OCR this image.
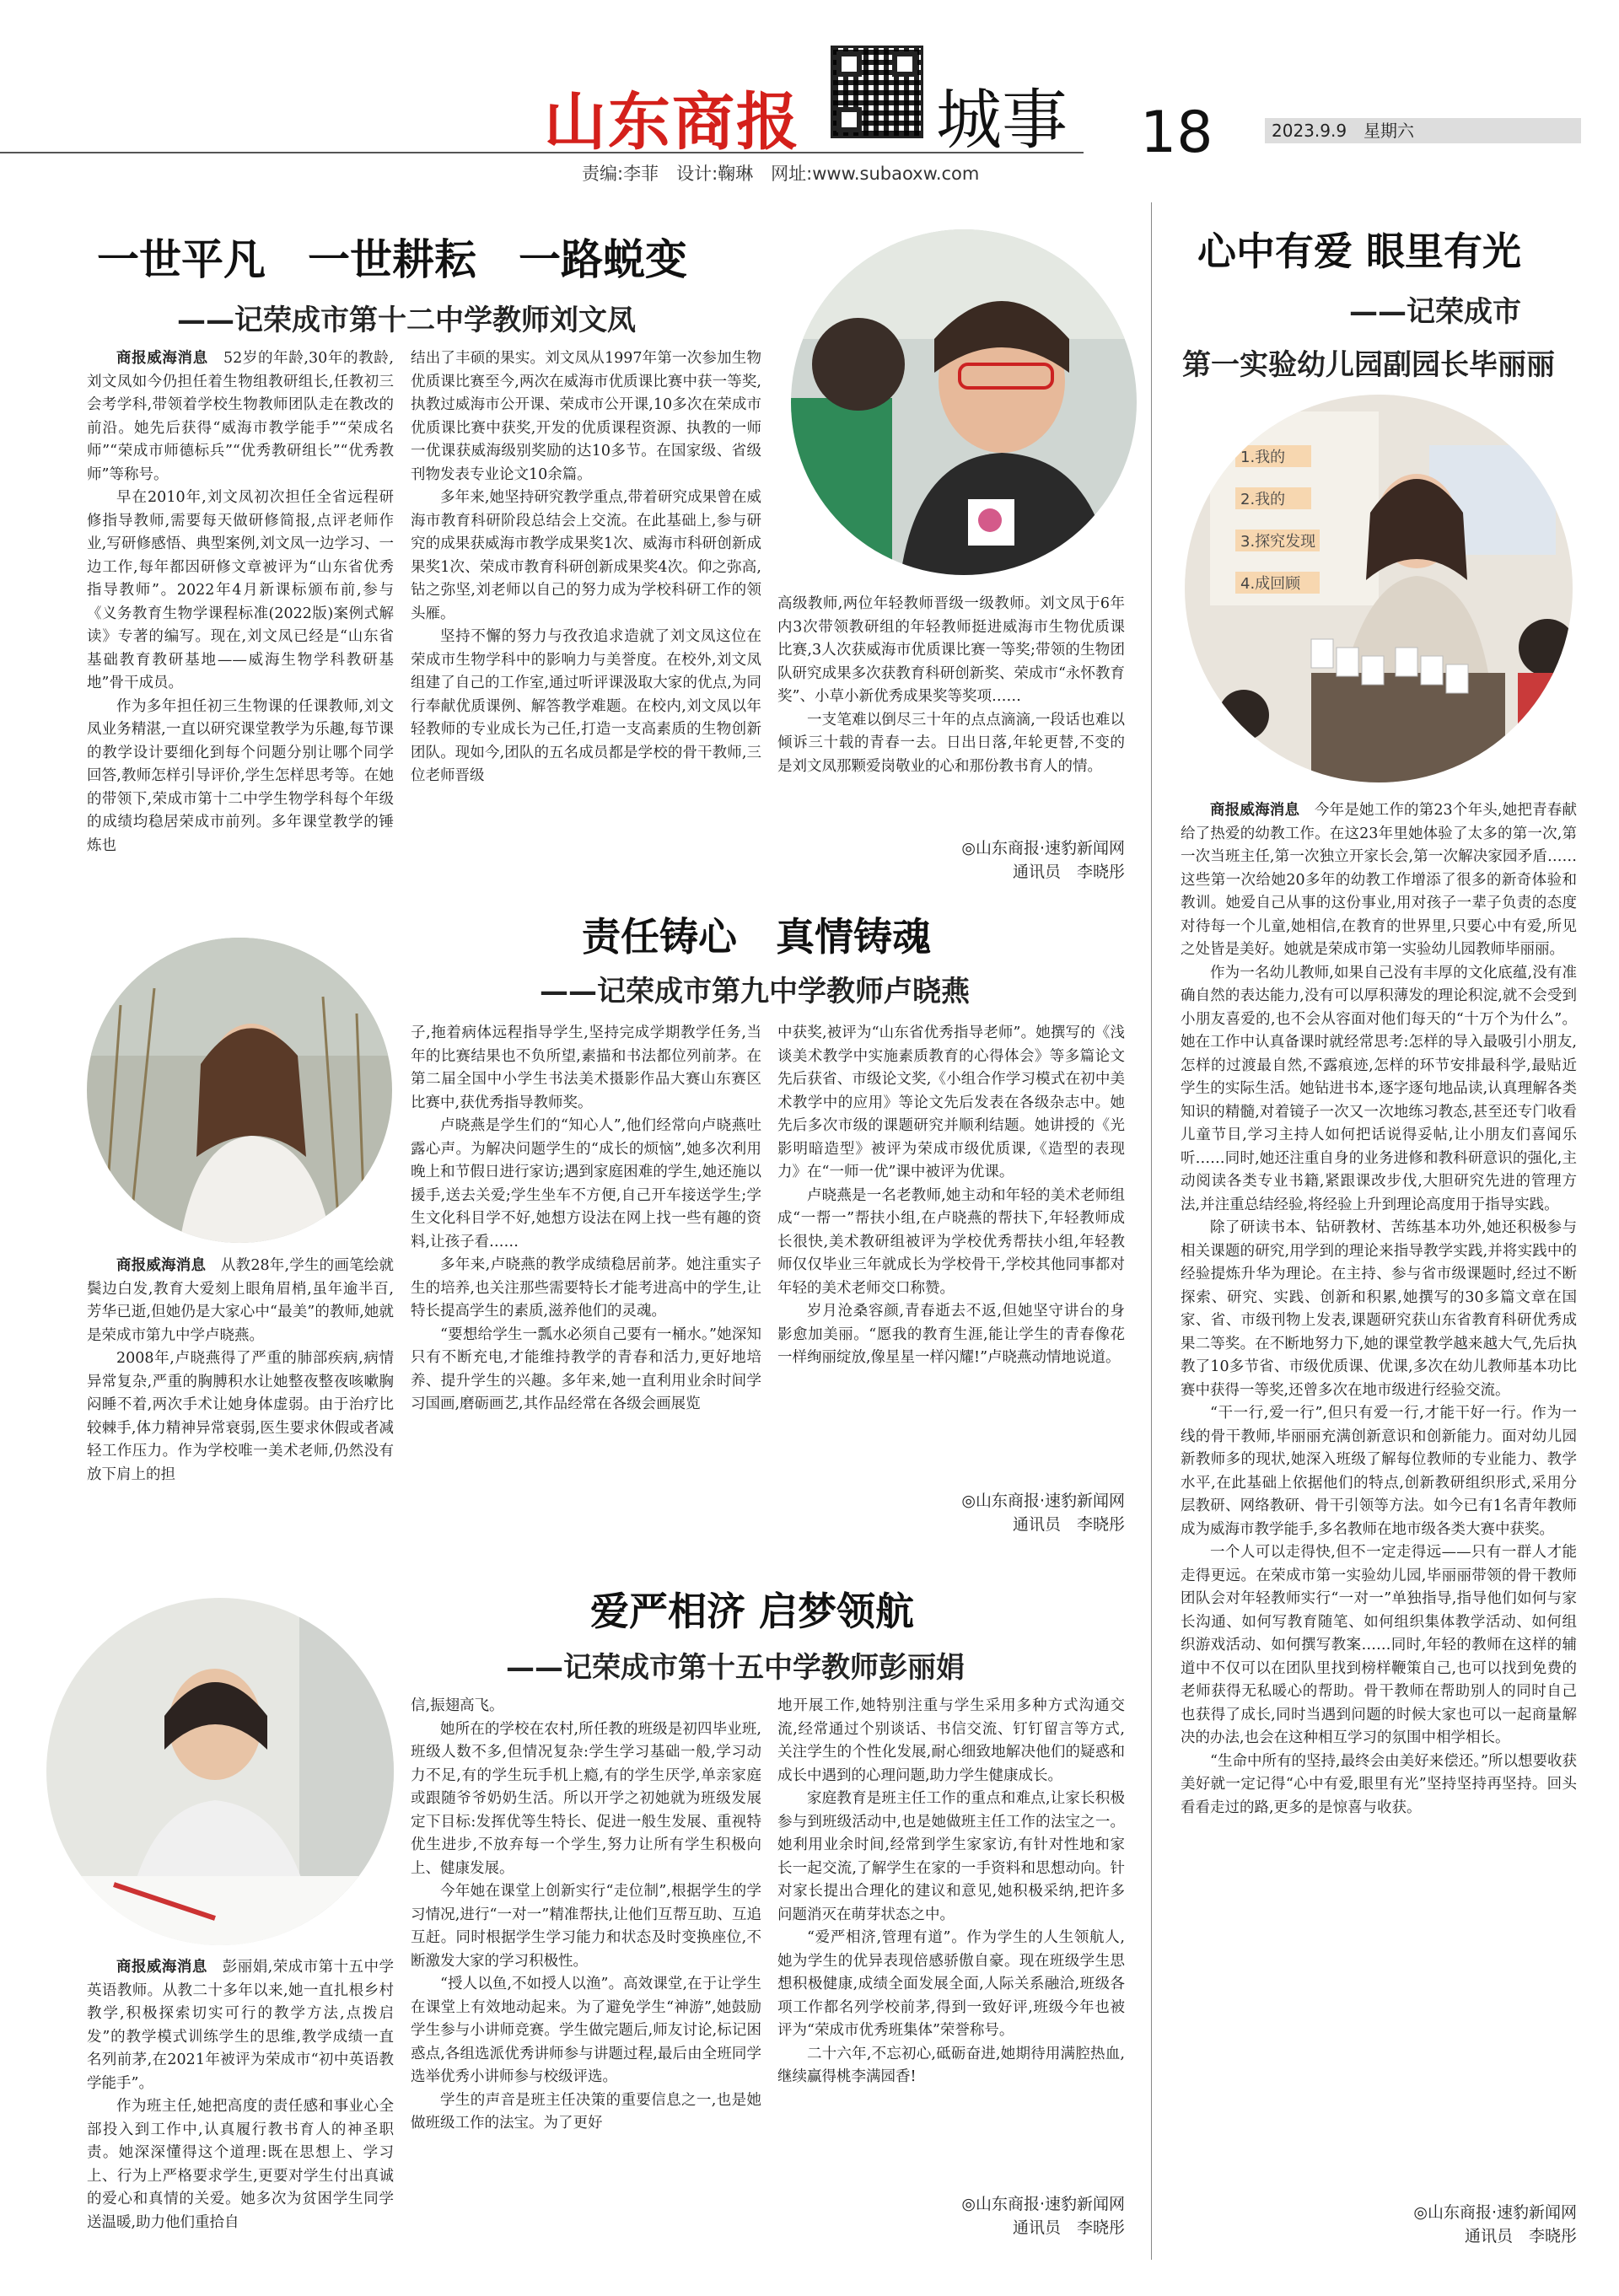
山东商报 城事 18	2023.9.9　 星期六
责编:李菲　设计:鞠琳　网址:www.subaoxw.com
一世平凡　一世耕耘　一路蜕变
——记荣成市第十二中学教师刘文凤

商报威海消息　 52岁的年龄,30年的教龄,刘文凤如今仍担任着生物组教研组长,任教初三会考学科,带领着学校生物教师团队走在教改的前沿。她先后获得“威海市教学能手”“荣成名师”“荣成市师德标兵”“优秀教研组长”“优秀教师”等称号。

早在2010年,刘文凤初次担任全省远程研修指导教师,需要每天做研修简报,点评老师作业,写研修感悟、典型案例,刘文凤一边学习、一边工作,每年都因研修文章被评为“山东省优秀指导教师”。2022年4月新课标颁布前,参与《义务教育生物学课程标准(2022版)案例式解读》专著的编写。现在,刘文凤已经是“山东省基础教育教研基地——威海生物学科教研基地”骨干成员。

作为多年担任初三生物课的任课教师,刘文凤业务精湛,一直以研究课堂教学为乐趣,每节课的教学设计要细化到每个问题分别让哪个同学回答,教师怎样引导评价,学生怎样思考等。在她的带领下,荣成市第十二中学生物学科每个年级的成绩均稳居荣成市前列。多年课堂教学的锤炼也

结出了丰硕的果实。刘文凤从1997年第一次参加生物优质课比赛至今,两次在威海市优质课比赛中获一等奖,执教过威海市公开课、荣成市公开课,10多次在荣成市优质课比赛中获奖,开发的优质课程资源、执教的一师一优课获威海级别奖励的达10多节。在国家级、省级刊物发表专业论文10余篇。

多年来,她坚持研究教学重点,带着研究成果曾在威海市教育科研阶段总结会上交流。在此基础上,参与研究的成果获威海市教学成果奖1次、威海市科研创新成果奖1次、荣成市教育科研创新成果奖4次。仰之弥高,钻之弥坚,刘老师以自己的努力成为学校科研工作的领头雁。

坚持不懈的努力与孜孜追求造就了刘文凤这位在荣成市生物学科中的影响力与美誉度。在校外,刘文凤组建了自己的工作室,通过听评课汲取大家的优点,为同行奉献优质课例、解答教学难题。在校内,刘文凤以年轻教师的专业成长为己任,打造一支高素质的生物创新团队。现如今,团队的五名成员都是学校的骨干教师,三位老师晋级

高级教师,两位年轻教师晋级一级教师。刘文凤于6年内3次带领教研组的年轻教师挺进威海市生物优质课比赛,3人次获威海市优质课比赛一等奖;带领的生物团队研究成果多次获教育科研创新奖、荣成市“永怀教育奖”、小草小新优秀成果奖等奖项……

一支笔难以倒尽三十年的点点滴滴,一段话也难以倾诉三十载的青春一去。日出日落,年轮更替,不变的是刘文凤那颗爱岗敬业的心和那份教书育人的情。

◎山东商报·速豹新闻网
通讯员　李晓彤
心中有爱 眼里有光
——记荣成市
第一实验幼儿园副园长毕丽丽
1.我的
2.我的
3.探究发现
4.成回顾

商报威海消息　 今年是她工作的第23个年头,她把青春献给了热爱的幼教工作。在这23年里她体验了太多的第一次,第一次当班主任,第一次独立开家长会,第一次解决家园矛盾……这些第一次给她20多年的幼教工作增添了很多的新奇体验和教训。她爱自己从事的这份事业,用对孩子一辈子负责的态度对待每一个儿童,她相信,在教育的世界里,只要心中有爱,所见之处皆是美好。她就是荣成市第一实验幼儿园教师毕丽丽。

作为一名幼儿教师,如果自己没有丰厚的文化底蕴,没有准确自然的表达能力,没有可以厚积薄发的理论积淀,就不会受到小朋友喜爱的,也不会从容面对他们每天的“十万个为什么”。她在工作中认真备课时就经常思考:怎样的导入最吸引小朋友,怎样的过渡最自然,不露痕迹,怎样的环节安排最科学,最贴近学生的实际生活。她钻进书本,逐字逐句地品读,认真理解各类知识的精髓,对着镜子一次又一次地练习教态,甚至还专门收看儿童节目,学习主持人如何把话说得妥帖,让小朋友们喜闻乐听……同时,她还注重自身的业务进修和教科研意识的强化,主动阅读各类专业书籍,紧跟课改步伐,大胆研究先进的管理方法,并注重总结经验,将经验上升到理论高度用于指导实践。

除了研读书本、钻研教材、苦练基本功外,她还积极参与相关课题的研究,用学到的理论来指导教学实践,并将实践中的经验提炼升华为理论。在主持、参与省市级课题时,经过不断探索、研究、实践、创新和积累,她撰写的30多篇文章在国家、省、市级刊物上发表,课题研究获山东省教育科研优秀成果二等奖。在不断地努力下,她的课堂教学越来越大气,先后执教了10多节省、市级优质课、优课,多次在幼儿教师基本功比赛中获得一等奖,还曾多次在地市级进行经验交流。

“干一行,爱一行”,但只有爱一行,才能干好一行。作为一线的骨干教师,毕丽丽充满创新意识和创新能力。面对幼儿园新教师多的现状,她深入班级了解每位教师的专业能力、教学水平,在此基础上依据他们的特点,创新教研组织形式,采用分层教研、网络教研、骨干引领等方法。如今已有1名青年教师成为威海市教学能手,多名教师在地市级各类大赛中获奖。

一个人可以走得快,但不一定走得远——只有一群人才能走得更远。在荣成市第一实验幼儿园,毕丽丽带领的骨干教师团队会对年轻教师实行“一对一”单独指导,指导他们如何与家长沟通、如何写教育随笔、如何组织集体教学活动、如何组织游戏活动、如何撰写教案……同时,年轻的教师在这样的辅道中不仅可以在团队里找到榜样鞭策自己,也可以找到免费的老师获得无私暖心的帮助。骨干教师在帮助别人的同时自己也获得了成长,同时当遇到问题的时候大家也可以一起商量解决的办法,也会在这种相互学习的氛围中相学相长。

“生命中所有的坚持,最终会由美好来偿还。”所以想要收获美好就一定记得“心中有爱,眼里有光”坚持坚持再坚持。回头看看走过的路,更多的是惊喜与收获。

◎山东商报·速豹新闻网
通讯员　李晓彤
责任铸心　真情铸魂
——记荣成市第九中学教师卢晓燕

商报威海消息　 从教28年,学生的画笔绘就鬓边白发,教育大爱刻上眼角眉梢,虽年逾半百,芳华已逝,但她仍是大家心中“最美”的教师,她就是荣成市第九中学卢晓燕。

2008年,卢晓燕得了严重的肺部疾病,病情异常复杂,严重的胸膊积水让她整夜整夜咳嗽胸闷睡不着,两次手术让她身体虚弱。由于治疗比较棘手,体力精神异常衰弱,医生要求休假或者减轻工作压力。作为学校唯一美术老师,仍然没有放下肩上的担

子,拖着病体远程指导学生,坚持完成学期教学任务,当年的比赛结果也不负所望,素描和书法都位列前茅。在第二届全国中小学生书法美术摄影作品大赛山东赛区比赛中,获优秀指导教师奖。

卢晓燕是学生们的“知心人”,他们经常向卢晓燕吐露心声。为解决问题学生的“成长的烦恼”,她多次利用晚上和节假日进行家访;遇到家庭困难的学生,她还施以援手,送去关爱;学生坐车不方便,自己开车接送学生;学生文化科目学不好,她想方设法在网上找一些有趣的资料,让孩子看……

多年来,卢晓燕的教学成绩稳居前茅。她注重实子生的培养,也关注那些需要特长才能考进高中的学生,让特长提高学生的素质,滋养他们的灵魂。

“要想给学生一瓢水必须自己要有一桶水。”她深知只有不断充电,才能维持教学的青春和活力,更好地培养、提升学生的兴趣。多年来,她一直利用业余时间学习国画,磨砺画艺,其作品经常在各级会画展览

中获奖,被评为“山东省优秀指导老师”。她撰写的《浅谈美术教学中实施素质教育的心得体会》等多篇论文先后获省、市级论文奖,《小组合作学习模式在初中美术教学中的应用》等论文先后发表在各级杂志中。她先后多次市级的课题研究并顺利结题。她讲授的《光影明暗造型》被评为荣成市级优质课,《造型的表现力》在“一师一优”课中被评为优课。

卢晓燕是一名老教师,她主动和年轻的美术老师组成“一帮一”帮扶小组,在卢晓燕的帮扶下,年轻教师成长很快,美术教研组被评为学校优秀帮扶小组,年轻教师仅仅毕业三年就成长为学校骨干,学校其他同事都对年轻的美术老师交口称赞。

岁月沧桑容颜,青春逝去不返,但她坚守讲台的身影愈加美丽。“愿我的教育生涯,能让学生的青春像花一样绚丽绽放,像星星一样闪耀!”卢晓燕动情地说道。

◎山东商报·速豹新闻网
通讯员　李晓彤
爱严相济 启梦领航
——记荣成市第十五中学教师彭丽娟

商报威海消息　 彭丽娟,荣成市第十五中学英语教师。从教二十多年以来,她一直扎根乡村教学,积极探索切实可行的教学方法,点拨启发”的教学模式训练学生的思维,教学成绩一直名列前茅,在2021年被评为荣成市“初中英语教学能手”。

作为班主任,她把高度的责任感和事业心全部投入到工作中,认真履行教书育人的神圣职责。她深深懂得这个道理:既在思想上、学习上、行为上严格要求学生,更要对学生付出真诚的爱心和真情的关爱。她多次为贫困学生同学送温暖,助力他们重拾自

信,振翅高飞。

她所在的学校在农村,所任教的班级是初四毕业班,班级人数不多,但情况复杂:学生学习基础一般,学习动力不足,有的学生玩手机上瘾,有的学生厌学,单亲家庭或跟随爷爷奶奶生活。所以开学之初她就为班级发展定下目标:发挥优等生特长、促进一般生发展、重视特优生进步,不放弃每一个学生,努力让所有学生积极向上、健康发展。

今年她在课堂上创新实行“走位制”,根据学生的学习情况,进行“一对一”精准帮扶,让他们互帮互助、互追互赶。同时根据学生学习能力和状态及时变换座位,不断激发大家的学习积极性。

“授人以鱼,不如授人以渔”。高效课堂,在于让学生在课堂上有效地动起来。为了避免学生“神游”,她鼓励学生参与小讲师竞赛。学生做完题后,师友讨论,标记困惑点,各组选派优秀讲师参与讲题过程,最后由全班同学选举优秀小讲师参与校级评选。

学生的声音是班主任决策的重要信息之一,也是她做班级工作的法宝。为了更好

地开展工作,她特别注重与学生采用多种方式沟通交流,经常通过个别谈话、书信交流、钉钉留言等方式,关注学生的个性化发展,耐心细致地解决他们的疑惑和成长中遇到的心理问题,助力学生健康成长。

家庭教育是班主任工作的重点和难点,让家长积极参与到班级活动中,也是她做班主任工作的法宝之一。她利用业余时间,经常到学生家家访,有针对性地和家长一起交流,了解学生在家的一手资料和思想动向。针对家长提出合理化的建议和意见,她积极采纳,把许多问题消灭在萌芽状态之中。

“爱严相济,管理有道”。作为学生的人生领航人,她为学生的优异表现倍感骄傲自豪。现在班级学生思想积极健康,成绩全面发展全面,人际关系融洽,班级各项工作都名列学校前茅,得到一致好评,班级今年也被评为“荣成市优秀班集体”荣誉称号。

二十六年,不忘初心,砥砺奋进,她期待用满腔热血,继续赢得桃李满园香!

◎山东商报·速豹新闻网
通讯员　李晓彤
